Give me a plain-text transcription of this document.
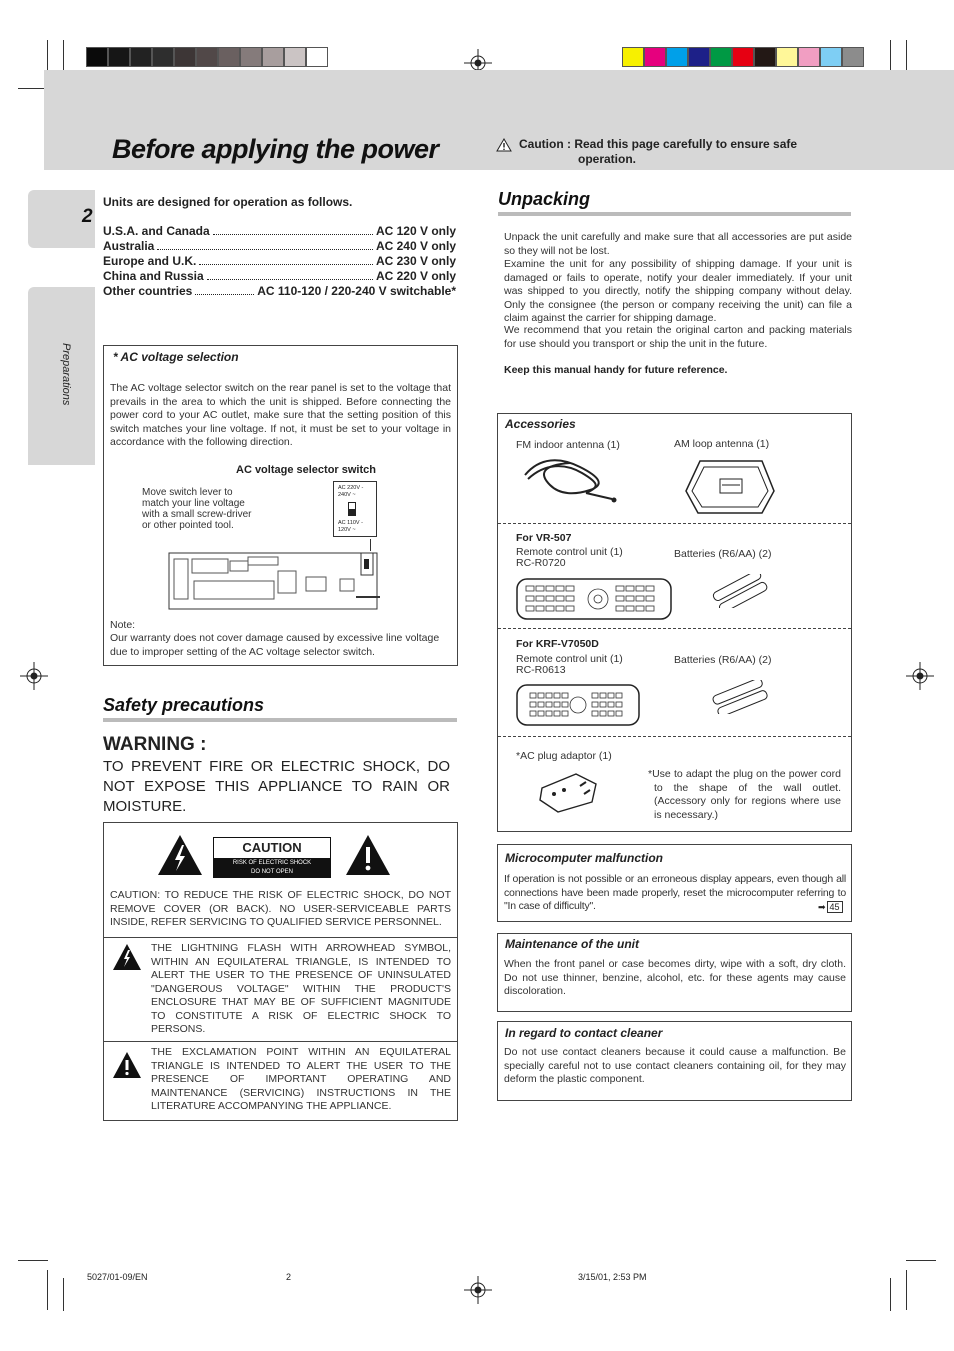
Before applying the power	Caution : Read this page carefully to ensure safe
operation.
2
Preparations
Units are designed for operation as follows.
U.S.A. and Canada	AC 120 V only
Australia	AC 240 V only
Europe and U.K.	AC 230 V only
China and Russia	AC 220 V only
Other countries	AC 110-120 / 220-240 V switchable*
* AC voltage selection
The AC voltage selector switch on the rear panel is set to the voltage that prevails in the area to which the unit is shipped. Before connecting the power cord to your AC outlet, make sure that the setting position of this switch matches your line voltage. If not, it must be set to your voltage in accordance with the following direction.
AC voltage selector switch
Move switch lever to match your line voltage with a small screw-driver or other pointed tool.
AC 220V - 240V ~
AC 110V - 120V ~
Note:
Our warranty does not cover damage caused by excessive line voltage due to improper setting of the AC voltage selector switch.
Safety precautions
WARNING :
TO PREVENT FIRE OR ELECTRIC SHOCK, DO NOT EXPOSE THIS APPLIANCE TO RAIN OR MOISTURE.
CAUTION
RISK OF ELECTRIC SHOCK
DO NOT OPEN
CAUTION: TO REDUCE THE RISK OF ELECTRIC SHOCK, DO NOT REMOVE COVER (OR BACK). NO USER-SERVICEABLE PARTS INSIDE, REFER SERVICING TO QUALIFIED SERVICE PERSONNEL.
THE LIGHTNING FLASH WITH ARROWHEAD SYMBOL, WITHIN AN EQUILATERAL TRIANGLE, IS INTENDED TO ALERT THE USER TO THE PRESENCE OF UNINSULATED "DANGEROUS VOLTAGE" WITHIN THE PRODUCT'S ENCLOSURE THAT MAY BE OF SUFFICIENT MAGNITUDE TO CONSTITUTE A RISK OF ELECTRIC SHOCK TO PERSONS.
THE EXCLAMATION POINT WITHIN AN EQUILATERAL TRIANGLE IS INTENDED TO ALERT THE USER TO THE PRESENCE OF IMPORTANT OPERATING AND MAINTENANCE (SERVICING) INSTRUCTIONS IN THE LITERATURE ACCOMPANYING THE APPLIANCE.
Unpacking
Unpack the unit carefully and make sure that all accessories are put aside so they will not be lost.
Examine the unit for any possibility of shipping damage. If your unit is damaged or fails to operate, notify your dealer immediately. If your unit was shipped to you directly, notify the shipping company without delay. Only the consignee (the person or company receiving the unit) can file a claim against the carrier for shipping damage.
We recommend that you retain the original carton and packing materials for use should you transport or ship the unit in the future.
Keep this manual handy for future reference.
Accessories
FM indoor antenna (1)	AM loop antenna (1)
For VR-507
Remote control unit (1)
RC-R0720
Batteries (R6/AA) (2)
For KRF-V7050D
Remote control unit (1)
RC-R0613
Batteries (R6/AA) (2)
*AC plug adaptor (1)
*Use to adapt the plug on the power cord to the shape of the wall outlet. (Accessory only for regions where use is necessary.)
Microcomputer malfunction
If operation is not possible or an erroneous display appears, even though all connections have been made properly, reset the microcomputer referring to "In case of difficulty".	➡ 45
Maintenance of the unit
When the front panel or case becomes dirty, wipe with a soft, dry cloth. Do not use thinner, benzine, alcohol, etc. for these agents may cause discoloration.
In regard to contact cleaner
Do not use contact cleaners because it could cause a malfunction. Be specially careful not to use contact cleaners containing oil, for they may deform the plastic component.
5027/01-09/EN	2	3/15/01, 2:53 PM
